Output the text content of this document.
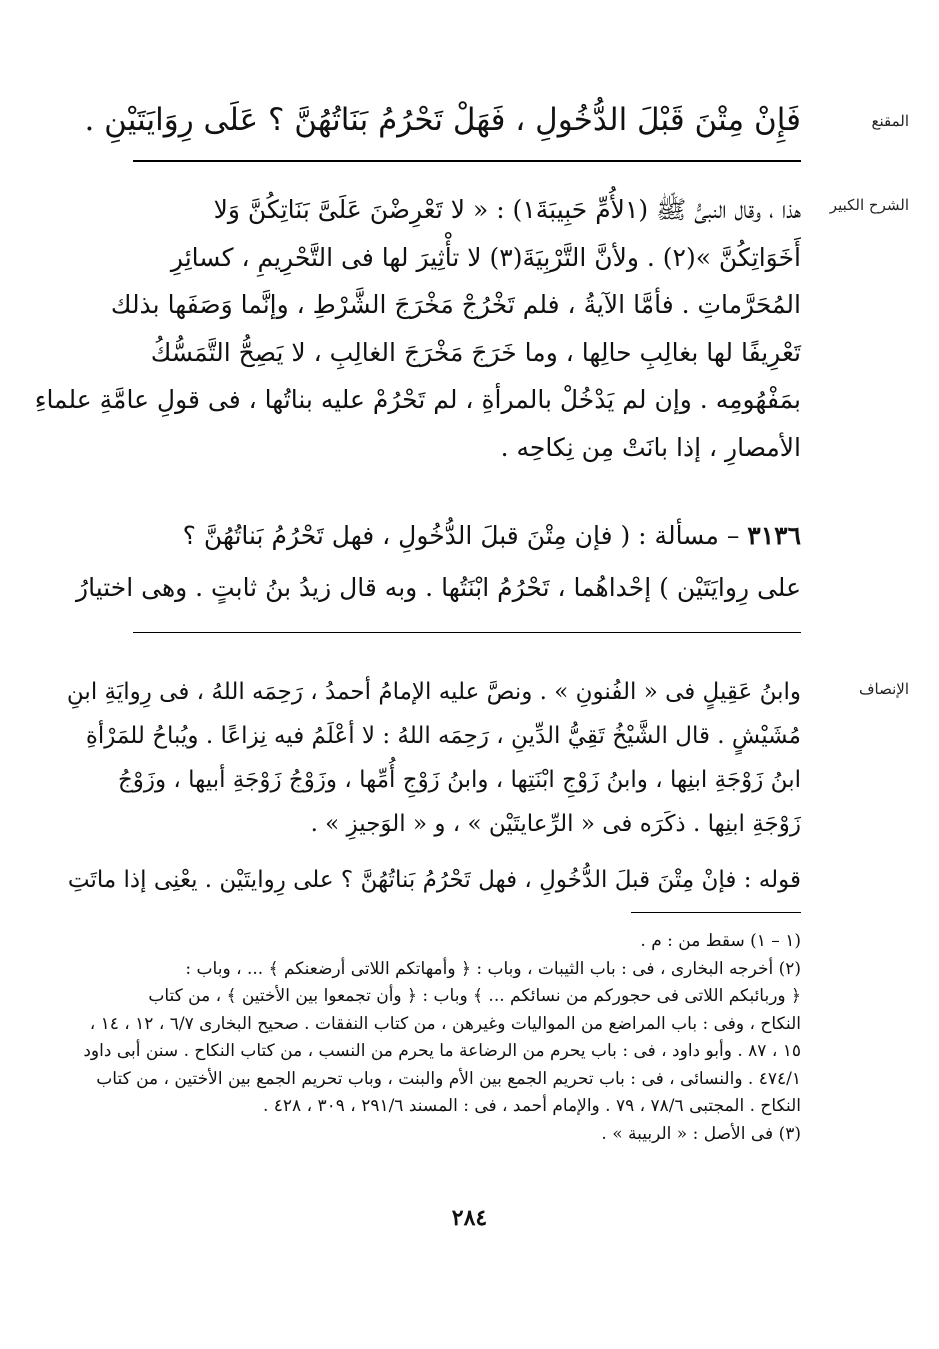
المقنع
فَإِنْ مِتْنَ قَبْلَ الدُّخُولِ ، فَهَلْ تَحْرُمُ بَنَاتُهُنَّ ؟ عَلَى رِوَايَتَيْنِ .
الشرح الكبير
هذا ، وقال النبىُّ ﷺ (١لأُمِّ حَبِيبَةَ١) : « لا تَعْرِضْنَ عَلَىَّ بَنَاتِكُنَّ وَلا
أَخَوَاتِكُنَّ »(٢) . ولأنَّ التَّرْبِيَةَ(٣) لا تأْثِيرَ لها فى التَّحْرِيمِ ، كسائِرِ
المُحَرَّماتِ . فأمَّا الآيةُ ، فلم تَخْرُجْ مَخْرَجَ الشَّرْطِ ، وإنَّما وَصَفَها بذلك
تَعْرِيفًا لها بغالِبِ حالِها ، وما خَرَجَ مَخْرَجَ الغالِبِ ، لا يَصِحُّ التَّمَسُّكُ
بمَفْهُومِه . وإن لم يَدْخُلْ بالمرأةِ ، لم تَحْرُمْ عليه بناتُها ، فى قولِ عامَّةِ علماءِ
الأمصارِ ، إذا بانَتْ مِن نِكاحِه .
٣١٣٦ – مسألة : ( فإن مِتْنَ قبلَ الدُّخُولِ ، فهل تَحْرُمُ بَناتُهُنَّ ؟
على رِوايَتَيْن ) إحْداهُما ، تَحْرُمُ ابْنَتُها . وبه قال زيدُ بنُ ثابتٍ . وهى اختيارُ
الإنصاف
وابنُ عَقِيلٍ فى « الفُنونِ » . ونصَّ عليه الإمامُ أحمدُ ، رَحِمَه اللهُ ، فى رِوايَةِ ابنِ
مُشَيْشٍ . قال الشَّيْخُ تَقِيُّ الدِّينِ ، رَحِمَه اللهُ : لا أعْلَمُ فيه نِزاعًا . ويُباحُ للمَرْأةِ
ابنُ زَوْجَةِ ابنِها ، وابنُ زَوْجِ ابْنَتِها ، وابنُ زَوْجِ أُمِّها ، وزَوْجُ زَوْجَةِ أبيها ، وزَوْجُ
زَوْجَةِ ابنِها . ذكَرَه فى « الرِّعايتَيْن » ، و « الوَجيزِ » .
قوله : فإنْ مِتْنَ قبلَ الدُّخُولِ ، فهل تَحْرُمُ بَناتُهُنَّ ؟ على رِوايتَيْن . يعْنِى إذا ماتَتِ
(١ – ١) سقط من : م .
(٢) أخرجه البخارى ، فى : باب الثيبات ، وباب : ﴿ وأمهاتكم اللاتى أرضعنكم ﴾ ... ، وباب :
﴿ وربائبكم اللاتى فى حجوركم من نسائكم ... ﴾ وباب : ﴿ وأن تجمعوا بين الأختين ﴾ ، من كتاب
النكاح ، وفى : باب المراضع من المواليات وغيرهن ، من كتاب النفقات . صحيح البخارى ٦/٧ ، ١٢ ، ١٤ ،
١٥ ، ٨٧ . وأبو داود ، فى : باب يحرم من الرضاعة ما يحرم من النسب ، من كتاب النكاح . سنن أبى داود
٤٧٤/١ . والنسائى ، فى : باب تحريم الجمع بين الأم والبنت ، وباب تحريم الجمع بين الأختين ، من كتاب
النكاح . المجتبى ٧٨/٦ ، ٧٩ . والإمام أحمد ، فى : المسند ٢٩١/٦ ، ٣٠٩ ، ٤٢٨ .
(٣) فى الأصل : « الربيبة » .
٢٨٤
